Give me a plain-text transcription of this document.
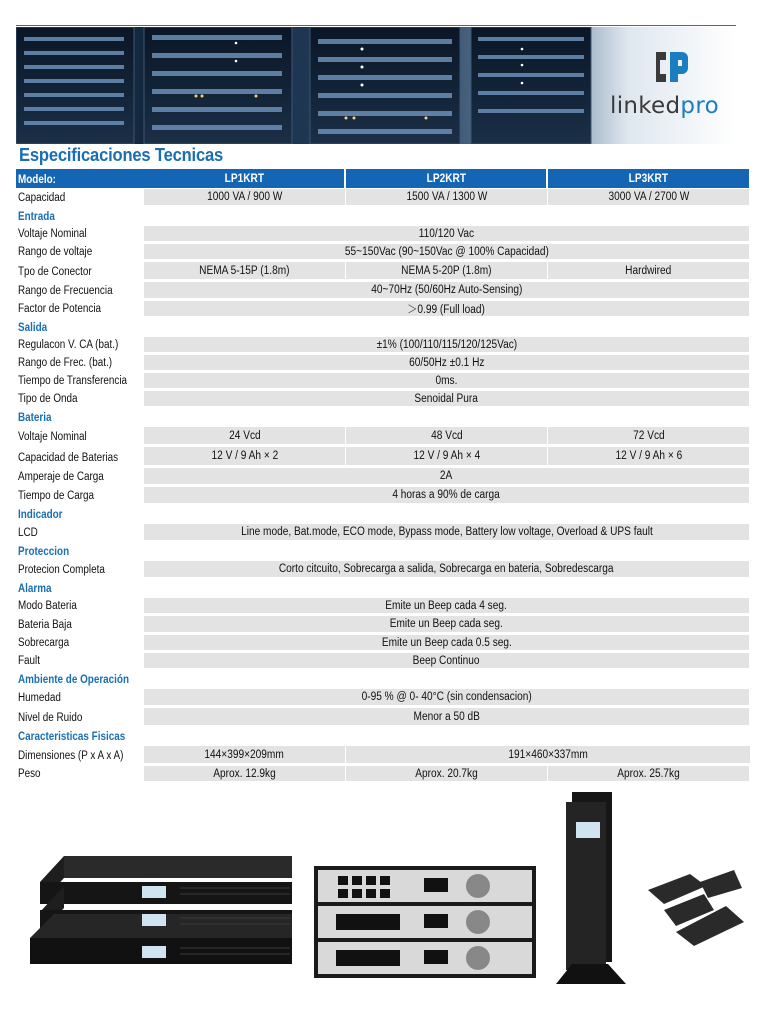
linkedpro
Especificaciones Tecnicas
Modelo:	LP1KRT	LP2KRT	LP3KRT
Capacidad	1000 VA / 900 W	1500 VA / 1300 W	3000 VA / 2700 W
Entrada
Voltaje Nominal	110/120 Vac
Rango de voltaje	55~150Vac (90~150Vac @ 100% Capacidad)
Tpo de Conector	NEMA 5-15P (1.8m)	NEMA 5-20P (1.8m)	Hardwired
Rango de Frecuencia	40~70Hz (50/60Hz Auto-Sensing)
Factor de Potencia	＞0.99 (Full load)
Salida
Regulacon V. CA (bat.)	±1% (100/110/115/120/125Vac)
Rango de Frec. (bat.)	60/50Hz ±0.1 Hz
Tiempo de Transferencia	0ms.
Tipo de Onda	Senoidal Pura
Bateria
Voltaje Nominal	24 Vcd	48 Vcd	72 Vcd
Capacidad de Baterias	12 V / 9 Ah × 2	12 V / 9 Ah × 4	12 V / 9 Ah × 6
Amperaje de Carga	2A
Tiempo de Carga	4 horas a 90% de carga
Indicador
LCD	Line mode, Bat.mode, ECO mode, Bypass mode, Battery low voltage, Overload & UPS fault
Proteccion
Protecion Completa	Corto citcuito, Sobrecarga a salida, Sobrecarga en bateria, Sobredescarga
Alarma
Modo Bateria	Emite un Beep cada 4 seg.
Bateria Baja	Emite un Beep cada seg.
Sobrecarga	Emite un Beep cada 0.5 seg.
Fault	Beep Continuo
Ambiente de Operación
Humedad	0-95 % @ 0- 40°C (sin condensacion)
Nivel de Ruido	Menor a 50 dB
Caracteristicas Fisicas
Dimensiones (P x A x A)	144×399×209mm	191×460×337mm
Peso	Aprox. 12.9kg	Aprox. 20.7kg	Aprox. 25.7kg
